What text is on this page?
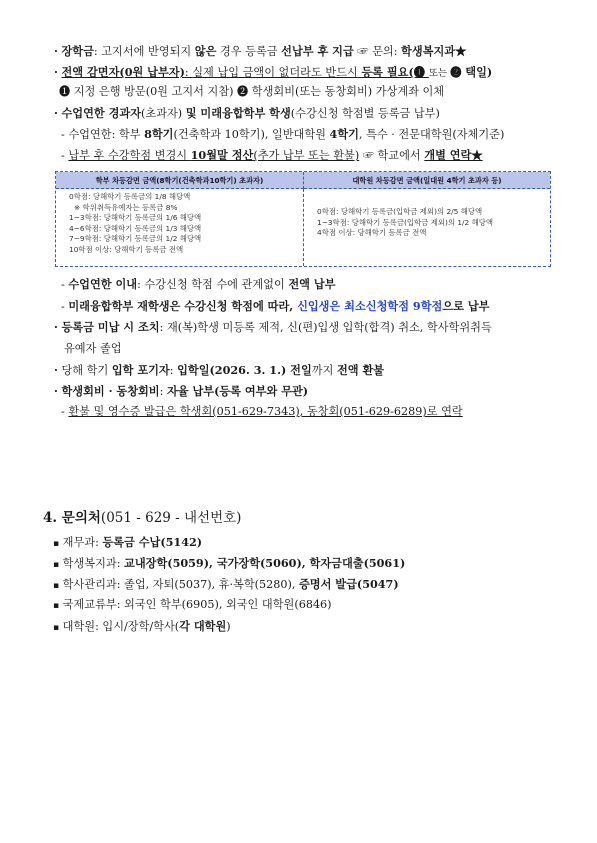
· 장학금: 고지서에 반영되지 않은 경우 등록금 선납부 후 지급 ☞ 문의: 학생복지과★
· 전액 감면자(0원 납부자): 실제 납입 금액이 없더라도 반드시 등록 필요(❶ 또는 ❷ 택일)
❶ 지정 은행 방문(0원 고지서 지참) ❷ 학생회비(또는 동창회비) 가상계좌 이체
· 수업연한 경과자(초과자) 및 미래융합학부 학생(수강신청 학점별 등록금 납부)
- 수업연한: 학부 8학기(건축학과 10학기), 일반대학원 4학기, 특수 · 전문대학원(자체기준)
- 납부 후 수강학점 변경시 10월말 정산(추가 납부 또는 환불) ☞ 학교에서 개별 연락★
학부 차등감면 금액(8학기(건축학과10학기) 초과자)	대학원 차등감면 금액(일대원 4학기 초과자 등)
0학점: 당해학기 등록금의 1/8 해당액
※ 학위취득유예자는 등록금 8%
1~3학점: 당해학기 등록금의 1/6 해당액
4~6학점: 당해학기 등록금의 1/3 해당액
7~9학점: 당해학기 등록금의 1/2 해당액
10학점 이상: 당해학기 등록금 전액
0학점: 당해학기 등록금(입학금 제외)의 2/5 해당액
1~3학점: 당해학기 등록금(입학금 제외)의 1/2 해당액
4학점 이상: 당해학기 등록금 전액
- 수업연한 이내: 수강신청 학점 수에 관계없이 전액 납부
- 미래융합학부 재학생은 수강신청 학점에 따라, 신입생은 최소신청학점 9학점으로 납부
· 등록금 미납 시 조치: 재(복)학생 미등록 제적, 신(편)입생 입학(합격) 취소, 학사학위취득
유예자 졸업
· 당해 학기 입학 포기자: 입학일(2026. 3. 1.) 전일까지 전액 환불
· 학생회비 · 동창회비: 자율 납부(등록 여부와 무관)
- 환불 및 영수증 발급은 학생회(051-629-7343), 동창회(051-629-6289)로 연락
4. 문의처(051 - 629 - 내선번호)
▪ 재무과: 등록금 수납(5142)
▪ 학생복지과: 교내장학(5059), 국가장학(5060), 학자금대출(5061)
▪ 학사관리과: 졸업, 자퇴(5037), 휴·복학(5280), 증명서 발급(5047)
▪ 국제교류부: 외국인 학부(6905), 외국인 대학원(6846)
▪ 대학원: 입시/장학/학사(각 대학원)
